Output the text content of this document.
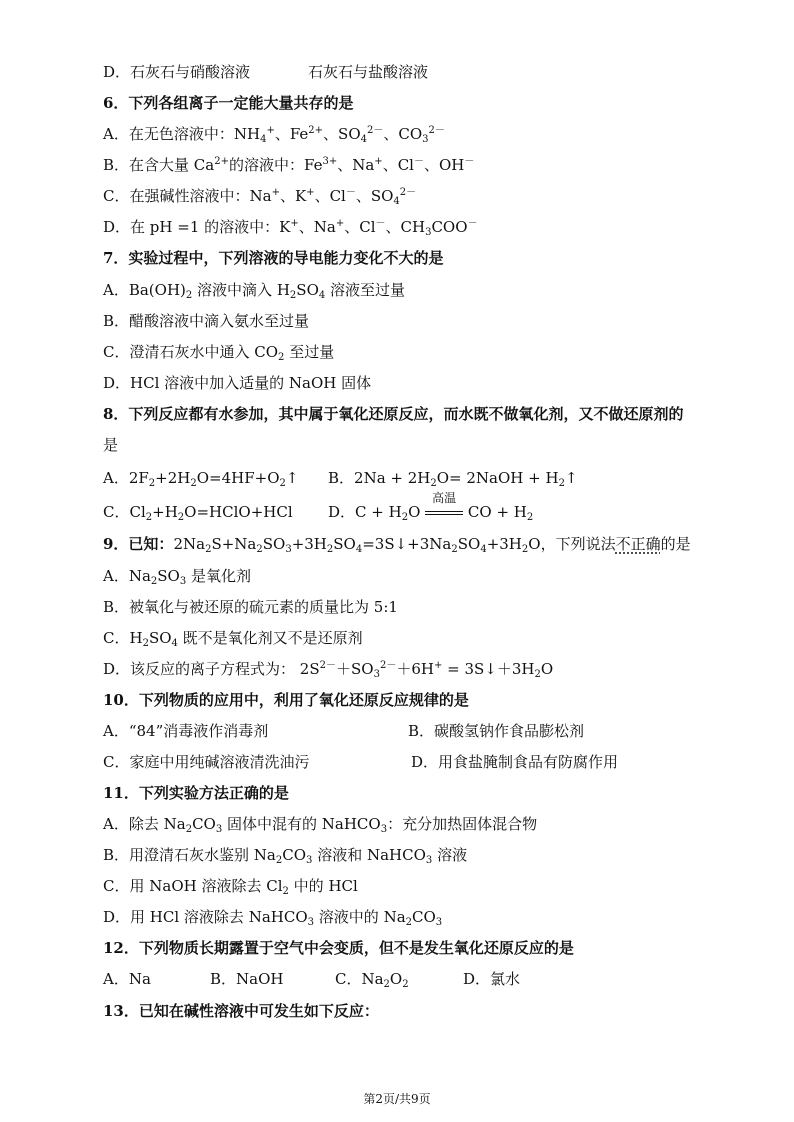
D．石灰石与硝酸溶液	石灰石与盐酸溶液
6．下列各组离子一定能大量共存的是
A．在无色溶液中：$NH_4^+$、$Fe^{2+}$、$SO_4^{2-}$、$CO_3^{2-}$
B．在含大量 $Ca^{2+}$的溶液中：$Fe^{3+}$、Na+、Cl－、OH－
C．在强碱性溶液中：Na+、K+、Cl－、$SO_4^{2-}$
D．在 pH =1 的溶液中：K+、Na+、Cl－、$CH_3COO^-$
7．实验过程中，下列溶液的导电能力变化不大的是
A．$Ba(OH)_2$ 溶液中滴入 $H_2SO_4$ 溶液至过量
B．醋酸溶液中滴入氨水至过量
C．澄清石灰水中通入 $CO_2$ 至过量
D．HCl 溶液中加入适量的 NaOH 固体
8．下列反应都有水参加，其中属于氧化还原反应，而水既不做氧化剂，又不做还原剂的
是
A．$2F_2+2H_2O=4HF+O_2↑$ B．$2Na + 2H_2O=$ 2NaOH + $H_2↑$
C．$Cl_2+H_2O=HClO+HCl$ D．$C + H_2O$
高温
CO + $H_2$
9．已知：$2Na_2S+Na_2SO_3+3H_2SO_4=3S↓+3Na_2SO_4+3H_2O$，下列说法不正确的是
A．$Na_2SO_3$ 是氧化剂
B．被氧化与被还原的硫元素的质量比为 5:1
C．$H_2SO_4$ 既不是氧化剂又不是还原剂
D．该反应的离子方程式为： $2S^{2-}+SO_3^{2-}+6H^+$ = $3S↓+3H_2O$
10．下列物质的应用中，利用了氧化还原反应规律的是
A．“84”消毒液作消毒剂	B．碳酸氢钠作食品膨松剂
C．家庭中用纯碱溶液清洗油污	D．用食盐腌制食品有防腐作用
11．下列实验方法正确的是
A．除去 $Na_2CO_3$ 固体中混有的 NaHCO$_3$：充分加热固体混合物
B．用澄清石灰水鉴别 $Na_2CO_3$ 溶液和 NaHCO$_3$ 溶液
C．用 NaOH 溶液除去 $Cl_2$ 中的 HCl
D．用 HCl 溶液除去 NaHCO$_3$ 溶液中的 $Na_2CO_3$
12．下列物质长期露置于空气中会变质，但不是发生氧化还原反应的是
A．Na	B．NaOH	C．$Na_2O_2$	D．氯水
13．已知在碱性溶液中可发生如下反应：
第2页/共9页
